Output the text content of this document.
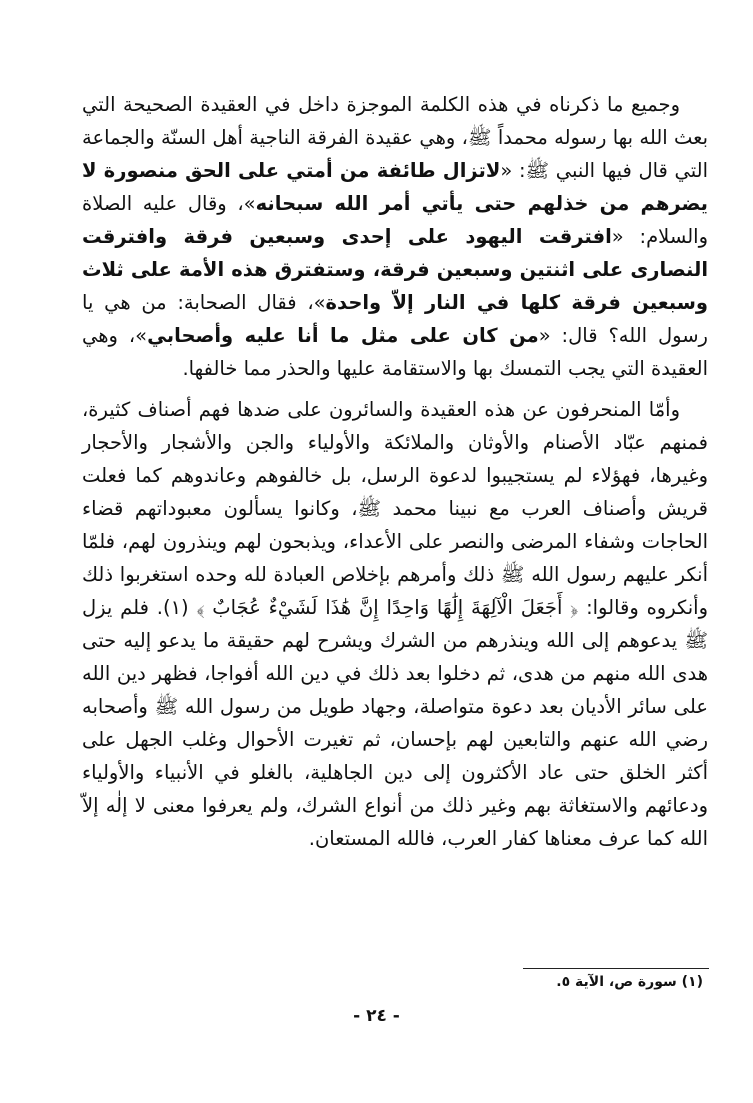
وجميع ما ذكرناه في هذه الكلمة الموجزة داخل في العقيدة الصحيحة التي بعث الله بها رسوله محمداً ﷺ، وهي عقيدة الفرقة الناجية أهل السنّة والجماعة التي قال فيها النبي ﷺ: «لاتزال طائفة من أمتي على الحق منصورة لا يضرهم من خذلهم حتى يأتي أمر الله سبحانه»، وقال عليه الصلاة والسلام: «افترقت اليهود على إحدى وسبعين فرقة وافترقت النصارى على اثنتين وسبعين فرقة، وستفترق هذه الأمة على ثلاث وسبعين فرقة كلها في النار إلاّ واحدة»، فقال الصحابة: من هي يا رسول الله؟ قال: «من كان على مثل ما أنا عليه وأصحابي»، وهي العقيدة التي يجب التمسك بها والاستقامة عليها والحذر مما خالفها.

وأمّا المنحرفون عن هذه العقيدة والسائرون على ضدها فهم أصناف كثيرة، فمنهم عبّاد الأصنام والأوثان والملائكة والأولياء والجن والأشجار والأحجار وغيرها، فهؤلاء لم يستجيبوا لدعوة الرسل، بل خالفوهم وعاندوهم كما فعلت قريش وأصناف العرب مع نبينا محمد ﷺ، وكانوا يسألون معبوداتهم قضاء الحاجات وشفاء المرضى والنصر على الأعداء، ويذبحون لهم وينذرون لهم، فلمّا أنكر عليهم رسول الله ﷺ ذلك وأمرهم بإخلاص العبادة لله وحده استغربوا ذلك وأنكروه وقالوا: ﴿ أَجَعَلَ الْآلِهَةَ إِلَٰهًا وَاحِدًا إِنَّ هَٰذَا لَشَيْءٌ عُجَابٌ ﴾ (١). فلم يزل ﷺ يدعوهم إلى الله وينذرهم من الشرك ويشرح لهم حقيقة ما يدعو إليه حتى هدى الله منهم من هدى، ثم دخلوا بعد ذلك في دين الله أفواجا، فظهر دين الله على سائر الأديان بعد دعوة متواصلة، وجهاد طويل من رسول الله ﷺ وأصحابه رضي الله عنهم والتابعين لهم بإحسان، ثم تغيرت الأحوال وغلب الجهل على أكثر الخلق حتى عاد الأكثرون إلى دين الجاهلية، بالغلو في الأنبياء والأولياء ودعائهم والاستغاثة بهم وغير ذلك من أنواع الشرك، ولم يعرفوا معنى لا إلٰه إلاّ الله كما عرف معناها كفار العرب، فالله المستعان.

(١) سورة ص، الآية ٥.
- ٢٤ -
